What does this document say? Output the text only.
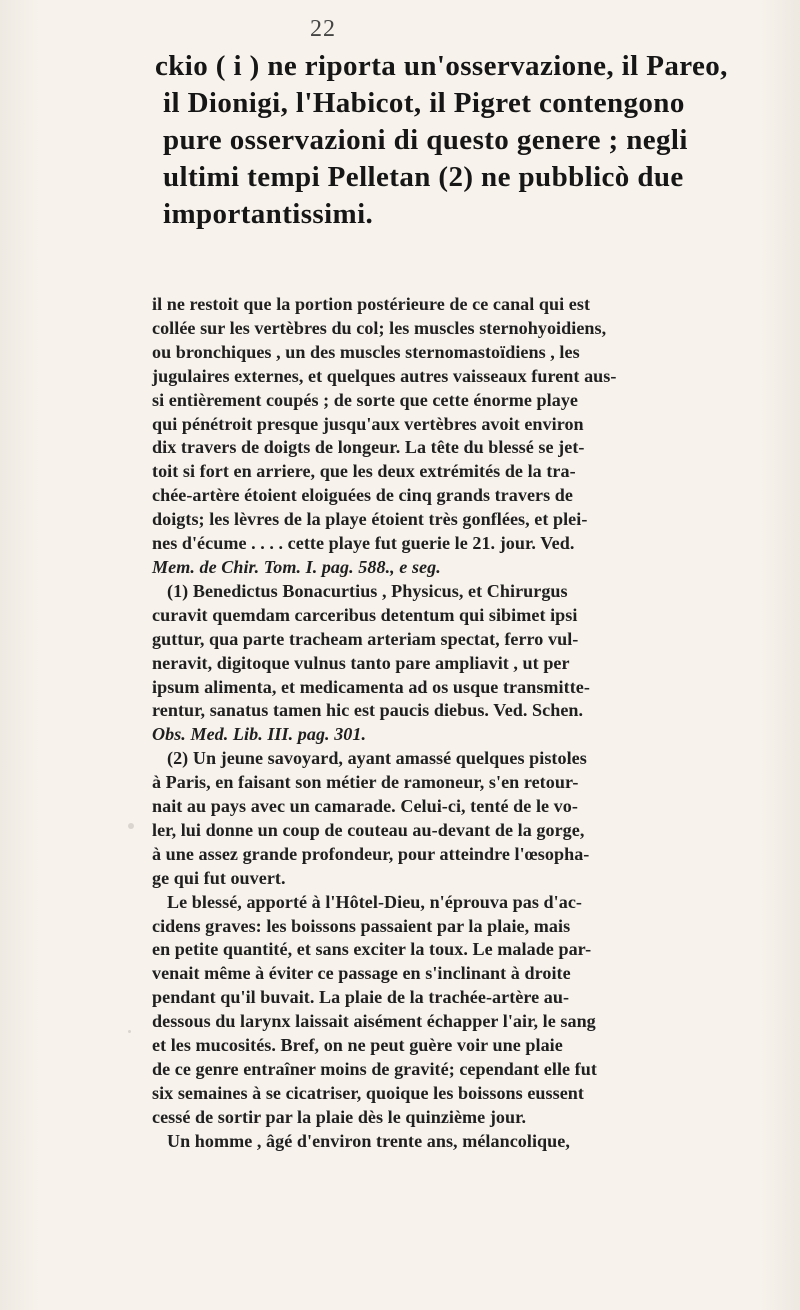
22
ckio ( i ) ne riporta un'osservazione, il Pareo,
il Dionigi, l'Habicot, il Pigret contengono
pure osservazioni di questo genere ; negli
ultimi tempi Pelletan (2) ne pubblicò due
importantissimi.
il ne restoit que la portion postérieure de ce canal qui est
collée sur les vertèbres du col; les muscles sternohyoidiens,
ou bronchiques , un des muscles sternomastoïdiens , les
jugulaires externes, et quelques autres vaisseaux furent aus-
si entièrement coupés ; de sorte que cette énorme playe
qui pénétroit presque jusqu'aux vertèbres avoit environ
dix travers de doigts de longeur. La tête du blessé se jet-
toit si fort en arriere, que les deux extrémités de la tra-
chée-artère étoient eloiguées de cinq grands travers de
doigts; les lèvres de la playe étoient très gonflées, et plei-
nes d'écume . . . . cette playe fut guerie le 21. jour. Ved.
Mem. de Chir. Tom. I. pag. 588., e seg.
(1) Benedictus Bonacurtius , Physicus, et Chirurgus
curavit quemdam carceribus detentum qui sibimet ipsi
guttur, qua parte tracheam arteriam spectat, ferro vul-
neravit, digitoque vulnus tanto pare ampliavit , ut per
ipsum alimenta, et medicamenta ad os usque transmitte-
rentur, sanatus tamen hic est paucis diebus. Ved. Schen.
Obs. Med. Lib. III. pag. 301.
(2) Un jeune savoyard, ayant amassé quelques pistoles
à Paris, en faisant son métier de ramoneur, s'en retour-
nait au pays avec un camarade. Celui-ci, tenté de le vo-
ler, lui donne un coup de couteau au-devant de la gorge,
à une assez grande profondeur, pour atteindre l'œsopha-
ge qui fut ouvert.
Le blessé, apporté à l'Hôtel-Dieu, n'éprouva pas d'ac-
cidens graves: les boissons passaient par la plaie, mais
en petite quantité, et sans exciter la toux. Le malade par-
venait même à éviter ce passage en s'inclinant à droite
pendant qu'il buvait. La plaie de la trachée-artère au-
dessous du larynx laissait aisément échapper l'air, le sang
et les mucosités. Bref, on ne peut guère voir une plaie
de ce genre entraîner moins de gravité; cependant elle fut
six semaines à se cicatriser, quoique les boissons eussent
cessé de sortir par la plaie dès le quinzième jour.
Un homme , âgé d'environ trente ans, mélancolique,
